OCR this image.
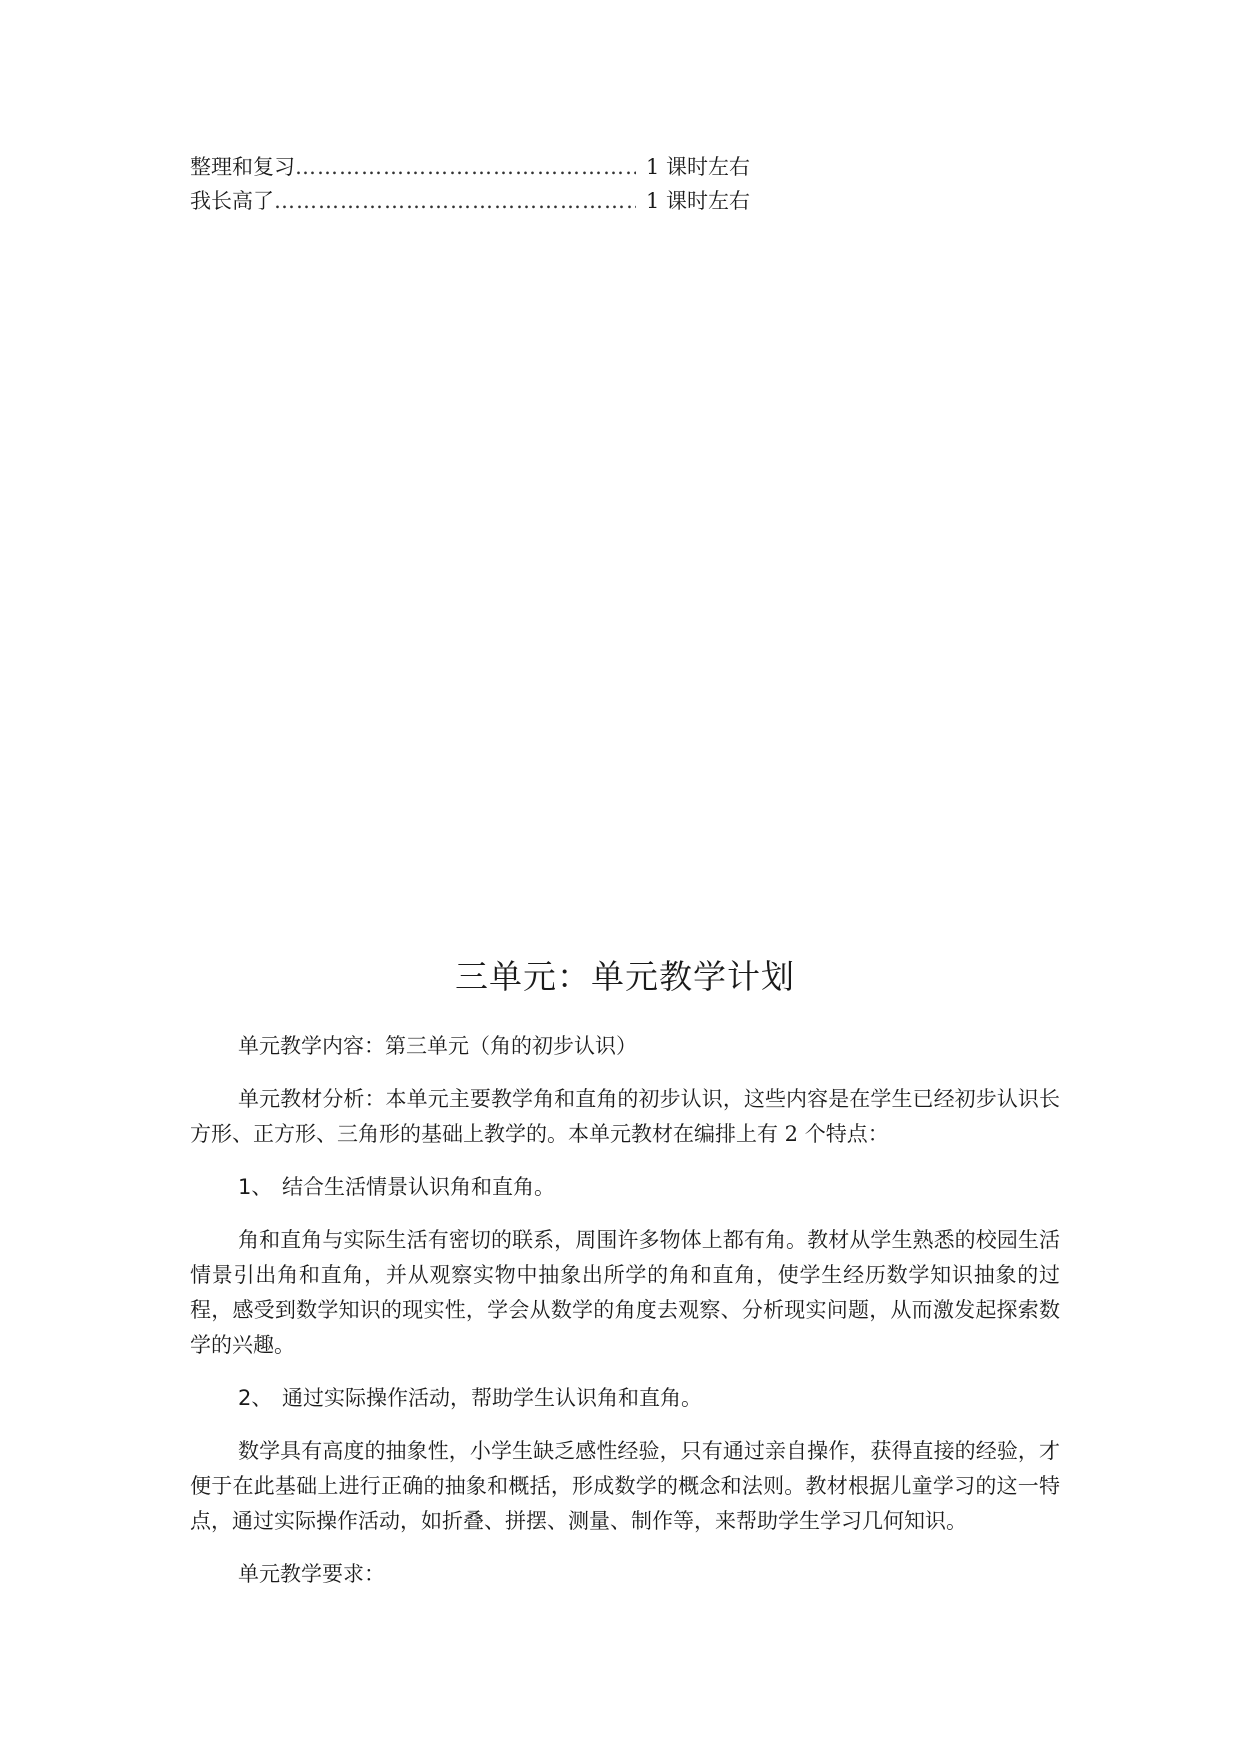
整理和复习 ……………………………………………………………………………………………………	1 课时左右
我长高了 ……………………………………………………………………………………………………	1 课时左右
三单元：单元教学计划

单元教学内容：第三单元（角的初步认识）

单元教材分析：本单元主要教学角和直角的初步认识，这些内容是在学生已经初步认识长方形、正方形、三角形的基础上教学的。本单元教材在编排上有 2 个特点：

1、 结合生活情景认识角和直角。

角和直角与实际生活有密切的联系，周围许多物体上都有角。教材从学生熟悉的校园生活情景引出角和直角，并从观察实物中抽象出所学的角和直角，使学生经历数学知识抽象的过程，感受到数学知识的现实性，学会从数学的角度去观察、分析现实问题，从而激发起探索数学的兴趣。

2、 通过实际操作活动，帮助学生认识角和直角。

数学具有高度的抽象性，小学生缺乏感性经验，只有通过亲自操作，获得直接的经验，才便于在此基础上进行正确的抽象和概括，形成数学的概念和法则。教材根据儿童学习的这一特点，通过实际操作活动，如折叠、拼摆、测量、制作等，来帮助学生学习几何知识。

单元教学要求：
